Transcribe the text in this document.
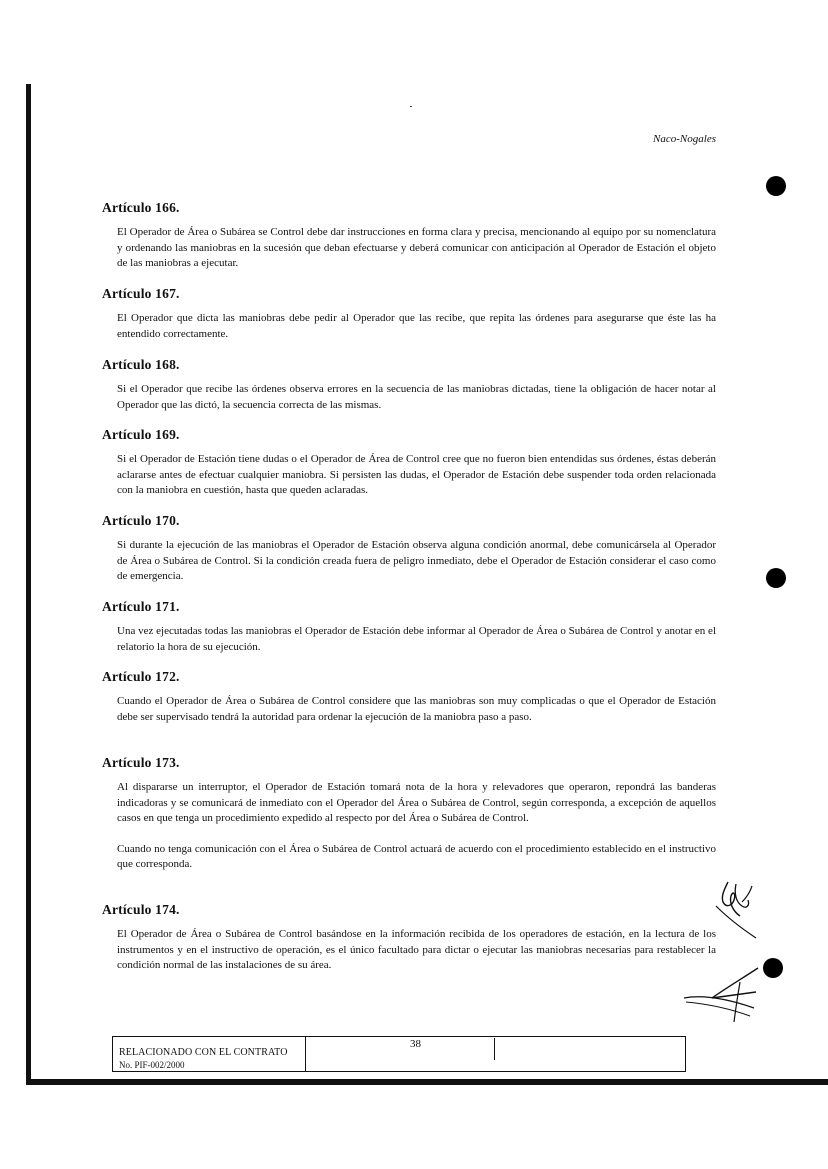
Naco-Nogales
Artículo 166.

El Operador de Área o Subárea se Control debe dar instrucciones en forma clara y precisa, mencionando al equipo por su nomenclatura y ordenando las maniobras en la sucesión que deban efectuarse y deberá comunicar con anticipación al Operador de Estación el objeto de las maniobras a ejecutar.

Artículo 167.

El Operador que dicta las maniobras debe pedir al Operador que las recibe, que repita las órdenes para asegurarse que éste las ha entendido correctamente.

Artículo 168.

Si el Operador que recibe las órdenes observa errores en la secuencia de las maniobras dictadas, tiene la obligación de hacer notar al Operador que las dictó, la secuencia correcta de las mismas.

Artículo 169.

Si el Operador de Estación tiene dudas o el Operador de Área de Control cree que no fueron bien entendidas sus órdenes, éstas deberán aclararse antes de efectuar cualquier maniobra. Si persisten las dudas, el Operador de Estación debe suspender toda orden relacionada con la maniobra en cuestión, hasta que queden aclaradas.

Artículo 170.

Si durante la ejecución de las maniobras el Operador de Estación observa alguna condición anormal, debe comunicársela al Operador de Área o Subárea de Control. Si la condición creada fuera de peligro inmediato, debe el Operador de Estación considerar el caso como de emergencia.

Artículo 171.

Una vez ejecutadas todas las maniobras el Operador de Estación debe informar al Operador de Área o Subárea de Control y anotar en el relatorio la hora de su ejecución.

Artículo 172.

Cuando el Operador de Área o Subárea de Control considere que las maniobras son muy complicadas o que el Operador de Estación debe ser supervisado tendrá la autoridad para ordenar la ejecución de la maniobra paso a paso.

Artículo 173.

Al dispararse un interruptor, el Operador de Estación tomará nota de la hora y relevadores que operaron, repondrá las banderas indicadoras y se comunicará de inmediato con el Operador del Área o Subárea de Control, según corresponda, a excepción de aquellos casos en que tenga un procedimiento expedido al respecto por del Área o Subárea de Control.

Cuando no tenga comunicación con el Área o Subárea de Control actuará de acuerdo con el procedimiento establecido en el instructivo que corresponda.

Artículo 174.

El Operador de Área o Subárea de Control basándose en la información recibida de los operadores de estación, en la lectura de los instrumentos y en el instructivo de operación, es el único facultado para dictar o ejecutar las maniobras necesarias para restablecer la condición normal de las instalaciones de su área.

RELACIONADO CON EL CONTRATO
No. PIF-002/2000
38
